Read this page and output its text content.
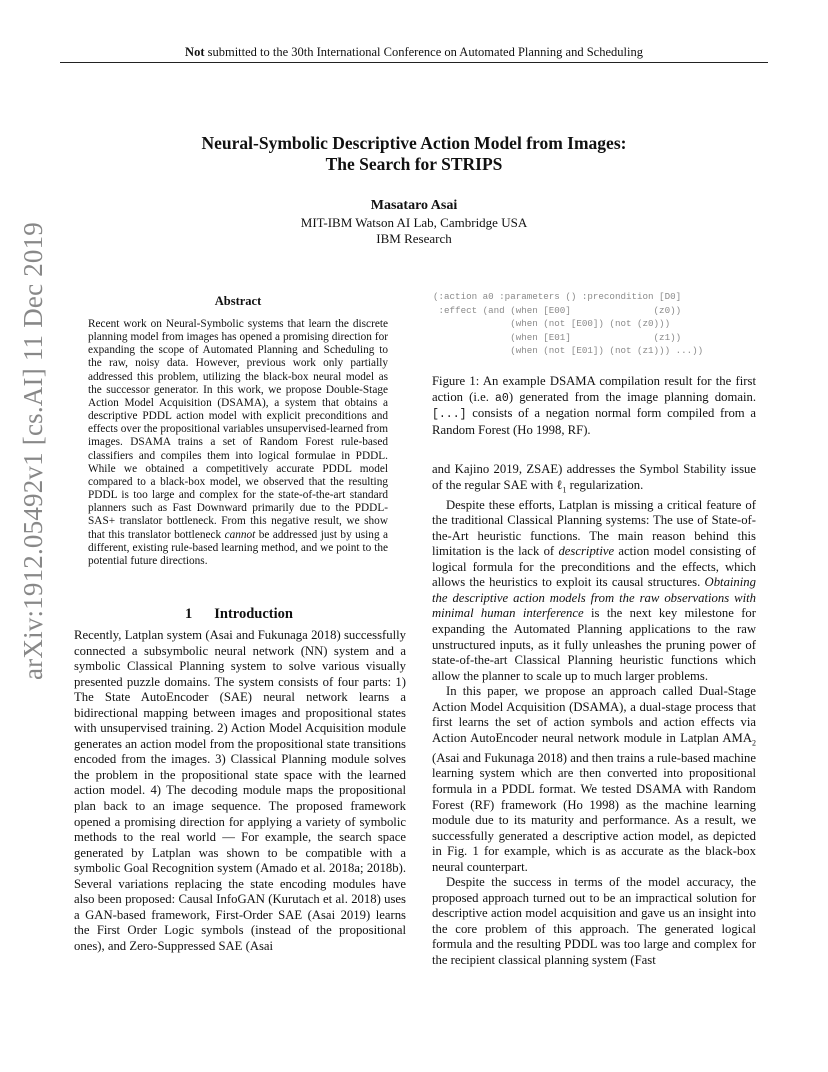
Not submitted to the 30th International Conference on Automated Planning and Scheduling
Neural-Symbolic Descriptive Action Model from Images:
The Search for STRIPS
Masataro Asai
MIT-IBM Watson AI Lab, Cambridge USA
IBM Research
arXiv:1912.05492v1 [cs.AI] 11 Dec 2019	Abstract
Recent work on Neural-Symbolic systems that learn the discrete planning model from images has opened a promising direction for expanding the scope of Automated Planning and Scheduling to the raw, noisy data. However, previous work only partially addressed this problem, utilizing the black-box neural model as the successor generator. In this work, we propose Double-Stage Action Model Acquisition (DSAMA), a system that obtains a descriptive PDDL action model with explicit preconditions and effects over the propositional variables unsupervised-learned from images. DSAMA trains a set of Random Forest rule-based classifiers and compiles them into logical formulae in PDDL. While we obtained a competitively accurate PDDL model compared to a black-box model, we observed that the resulting PDDL is too large and complex for the state-of-the-art standard planners such as Fast Downward primarily due to the PDDL-SAS+ translator bottleneck. From this negative result, we show that this translator bottleneck cannot be addressed just by using a different, existing rule-based learning method, and we point to the potential future directions.
1 Introduction

Recently, Latplan system (Asai and Fukunaga 2018) successfully connected a subsymbolic neural network (NN) system and a symbolic Classical Planning system to solve various visually presented puzzle domains. The system consists of four parts: 1) The State AutoEncoder (SAE) neural network learns a bidirectional mapping between images and propositional states with unsupervised training. 2) Action Model Acquisition module generates an action model from the propositional state transitions encoded from the images. 3) Classical Planning module solves the problem in the propositional state space with the learned action model. 4) The decoding module maps the propositional plan back to an image sequence. The proposed framework opened a promising direction for applying a variety of symbolic methods to the real world — For example, the search space generated by Latplan was shown to be compatible with a symbolic Goal Recognition system (Amado et al. 2018a; 2018b). Several variations replacing the state encoding modules have also been proposed: Causal InfoGAN (Kurutach et al. 2018) uses a GAN-based framework, First-Order SAE (Asai 2019) learns the First Order Logic symbols (instead of the propositional ones), and Zero-Suppressed SAE (Asai

(:action a0 :parameters () :precondition [D0]
:effect (and (when [E00]               (z0))
(when (not [E00]) (not (z0)))
(when [E01]               (z1))
(when (not [E01]) (not (z1))) ...))
Figure 1: An example DSAMA compilation result for the first action (i.e. a0) generated from the image planning domain. [...] consists of a negation normal form compiled from a Random Forest (Ho 1998, RF).

and Kajino 2019, ZSAE) addresses the Symbol Stability issue of the regular SAE with ℓ$_1$ regularization.

Despite these efforts, Latplan is missing a critical feature of the traditional Classical Planning systems: The use of State-of-the-Art heuristic functions. The main reason behind this limitation is the lack of descriptive action model consisting of logical formula for the preconditions and the effects, which allows the heuristics to exploit its causal structures. Obtaining the descriptive action models from the raw observations with minimal human interference is the next key milestone for expanding the Automated Planning applications to the raw unstructured inputs, as it fully unleashes the pruning power of state-of-the-art Classical Planning heuristic functions which allow the planner to scale up to much larger problems.

In this paper, we propose an approach called Dual-Stage Action Model Acquisition (DSAMA), a dual-stage process that first learns the set of action symbols and action effects via Action AutoEncoder neural network module in Latplan $AMA_2$ (Asai and Fukunaga 2018) and then trains a rule-based machine learning system which are then converted into propositional formula in a PDDL format. We tested DSAMA with Random Forest (RF) framework (Ho 1998) as the machine learning module due to its maturity and performance. As a result, we successfully generated a descriptive action model, as depicted in Fig. 1 for example, which is as accurate as the black-box neural counterpart.

Despite the success in terms of the model accuracy, the proposed approach turned out to be an impractical solution for descriptive action model acquisition and gave us an insight into the core problem of this approach. The generated logical formula and the resulting PDDL was too large and complex for the recipient classical planning system (Fast
